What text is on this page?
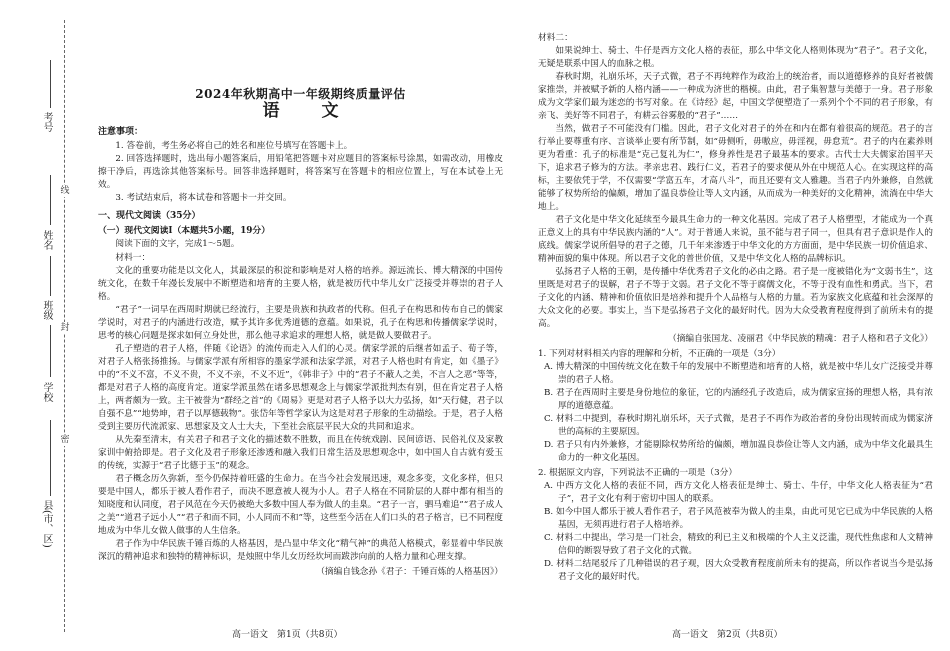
考号
姓名
班级
学校
县(市、区)
线
封
密
2024年秋期高中一年级期终质量评估
语 文
注意事项：

1. 答卷前，考生务必将自己的姓名和座位号填写在答题卡上。

2. 回答选择题时，选出每小题答案后，用铅笔把答题卡对应题目的答案标号涂黑，如需改动，用橡皮擦干净后，再选涂其他答案标号。回答非选择题时，将答案写在答题卡的相应位置上，写在本试卷上无效。

3. 考试结束后，将本试卷和答题卡一并交回。

一、现代文阅读（35分）
（一）现代文阅读Ⅰ（本题共5小题，19分）

阅读下面的文字，完成1～5题。

材料一：

文化的重要功能是以文化人，其最深层的积淀和影响是对人格的培养。源远流长、博大精深的中国传统文化，在数千年漫长发展中不断塑造和培育的主要人格，就是被历代中华儿女广泛接受并尊崇的君子人格。

“君子”一词早在西周时期就已经流行，主要是贵族和执政者的代称。但孔子在构思和传布自己的儒家学说时，对君子的内涵进行改造，赋予其许多优秀道德的意蕴。如果说，孔子在构思和传播儒家学说时，思考的核心问题是探求如何立身处世，那么他寻求追求的理想人格，就是做人要做君子。

孔子塑造的君子人格，伴随《论语》的流传而走入人们的心灵。儒家学派的后继者如孟子、荀子等，对君子人格张扬推扬。与儒家学派有所相容的墨家学派和法家学派，对君子人格也时有肯定，如《墨子》中的“不义不富，不义不贵，不义不亲，不义不近”，《韩非子》中的“君子不蔽人之美，不言人之恶”等等，都是对君子人格的高度肯定。道家学派虽然在诸多思想观念上与儒家学派批判杰有别，但在肯定君子人格上，两者颇为一致。主干被誉为“群经之首”的《周易》更是对君子人格予以大力弘扬，如“天行健，君子以自强不息”“地势坤，君子以厚德载物”。张岱年等哲学家认为这是对君子形象的生动描绘。于是，君子人格受到主要历代流派家、思想家及文人士大夫，下至社会底层平民大众的共同和追求。

从先秦至清末，有关君子和君子文化的描述数不胜数，而且在传统戏剧、民间谚语、民俗礼仪及家教家训中俯拾即是。君子文化及君子形象还渗透和融入我们日常生活及思想观念中，如中国人自古就有爱玉的传统，实源于“君子比德于玉”的观念。

君子概念历久弥新，至今仍保持着旺盛的生命力。在当今社会发展迅速，观念多变，文化多样，但只要是中国人，都乐于被人看作君子，而决不愿意被人视为小人。君子人格在不同阶层的人群中都有相当的知晓度和认同度，君子风范在今天仍被绝大多数中国人奉为做人的圭臬。“君子一言，驷马难追”“君子成人之美”“道君子远小人”“君子和而不同，小人同而不和”等，这些至今活在人们口头的君子格言，已不同程度地成为中华儿女做人做事的人生信条。

君子作为中华民族千锤百炼的人格基因，是凸显中华文化“精气神”的典范人格模式，彰显着中华民族深沉的精神追求和独特的精神标识，是烛照中华儿女历经坎坷而跋涉向前的人格力量和心理支撑。

（摘编自钱念孙《君子：千锤百炼的人格基因》）

材料二：

如果说绅士、骑士、牛仔是西方文化人格的表征，那么中华文化人格则体现为“君子”。君子文化，无疑是联系中国人的血脉之根。

春秋时期，礼崩乐坏，天子式微，君子不再纯粹作为政治上的统治者，而以道德修养的良好者被儒家推崇，并被赋予新的人格内涵——一种成为济世的楷模。由此，君子集智慧与美德于一身。君子形象成为文学家们最为迷恋的书写对象。在《诗经》起，中国文学便塑造了一系列个个不同的君子形象，有亲飞、美好等不同君子，有耕云谷雾般的“君子”……

当然，做君子不可能没有门槛。因此，君子文化对君子的外在和内在都有着很高的规范。君子的言行举止要尊重有序、言谈举止要有所节制，如“毋侧听，毋嗷应，毋淫视，毋怠荒”。君子的内在素养则更为看重：孔子的标准是“克己复礼为仁”，修身养性是君子最基本的要求。古代士大夫儒家治国平天下，追求君子修为的方法。孝亲忠君、践行仁义，若君子的要求便从外在中规范人心。在实现这样的高标，主要依凭于学，不仅需要“学富五车，才高八斗”，而且还要有文人雅趣。当君子内外兼修，自然就能够了权势所给的偏颇，增加了温良恭俭让等人文内涵，从而成为一种美好的文化精神，流淌在中华大地上。

君子文化是中华文化延续至今最具生命力的一种文化基因。完成了君子人格塑型，才能成为一个真正意义上的具有中华民族内涵的“人”。对于普通人来说，虽不能与君子同一，但具有君子意识是作人的底线。儒家学说所倡导的君子之德，几千年来渗透于中华文化的方方面面，是中华民族一切价值追求、精神面貌的集中体现。所以君子文化的普世价值，又是中华文化人格的品牌标识。

弘扬君子人格的王朝，是传播中华优秀君子文化的必由之路。君子是一度被错化为“文弱书生”，这里既是对君子的误解，君子不等于文弱。君子文化不等于腐儒文化，不等于没有血性和勇武。当下，君子文化的内涵、精神和价值依旧是培养和提升个人品格与人格的力量。若为家族文化底蕴和社会深厚的大众文化的必要。事实上，当下是弘扬君子文化的最好时代。因为大众受教育程度得到了前所未有的提高。

（摘编自张国龙、凌丽君《中华民族的精魂：君子人格和君子文化》）

1. 下列对材料相关内容的理解和分析，不正确的一项是（3分）

A. 博大精深的中国传统文化在数千年的发展中不断塑造和培育的人格，就是被中华儿女广泛接受并尊崇的君子人格。

B. 君子在西周时主要是身份地位的象征，它的内涵经孔子改造后，成为儒家宣扬的理想人格，具有浓厚的道德意蕴。

C. 材料二中提到，春秋时期礼崩乐坏，天子式微，是君子不再作为政治者的身份出现转而成为儒家济世的高标的主要原因。

D. 君子只有内外兼修，才能剔除权势所给的偏颇，增加温良恭俭让等人文内涵，成为中华文化最具生命力的一种文化基因。

2. 根据原文内容，下列说法不正确的一项是（3分）

A. 中西方文化人格的表征不同，西方文化人格表征是绅士、骑士、牛仔，中华文化人格表征为“君子”，君子文化有利于密切中国人的联系。

B. 如今中国人都乐于被人看作君子，君子风范被奉为做人的圭臬，由此可见它已成为中华民族的人格基因，无须再进行君子人格培养。

C. 材料二中提出，学习是一门社会，精致的利已主义和极端的个人主义泛滥，现代性焦虑和人文精神信仰的断裂导致了君子文化的式微。

D. 材料二结尾驳斥了几种错误的君子观，因大众受教育程度前所未有的提高，所以作者说当今是弘扬君子文化的最好时代。

高一语文　第1页（共8页）	高一语文　第2页（共8页）
